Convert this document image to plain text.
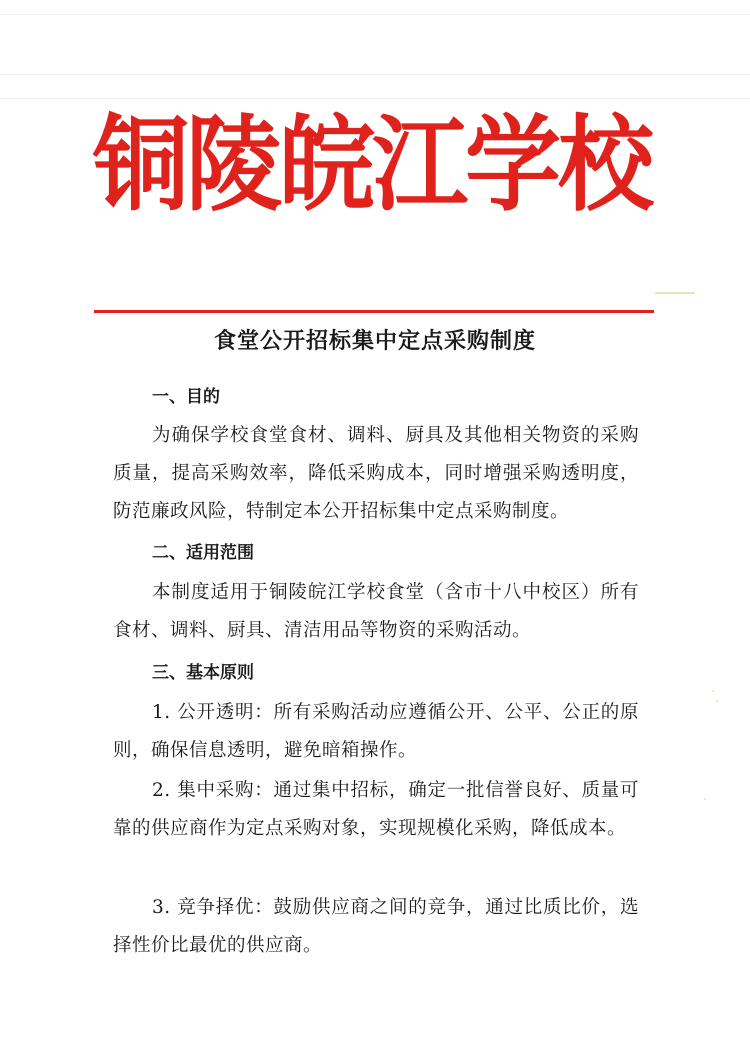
铜陵皖江学校
食堂公开招标集中定点采购制度
一、目的

为确保学校食堂食材、调料、厨具及其他相关物资的采购质量，提高采购效率，降低采购成本，同时增强采购透明度，防范廉政风险，特制定本公开招标集中定点采购制度。

二、适用范围

本制度适用于铜陵皖江学校食堂（含市十八中校区）所有食材、调料、厨具、清洁用品等物资的采购活动。

三、基本原则

1. 公开透明：所有采购活动应遵循公开、公平、公正的原则，确保信息透明，避免暗箱操作。

2. 集中采购：通过集中招标，确定一批信誉良好、质量可靠的供应商作为定点采购对象，实现规模化采购，降低成本。

3. 竞争择优：鼓励供应商之间的竞争，通过比质比价，选择性价比最优的供应商。
